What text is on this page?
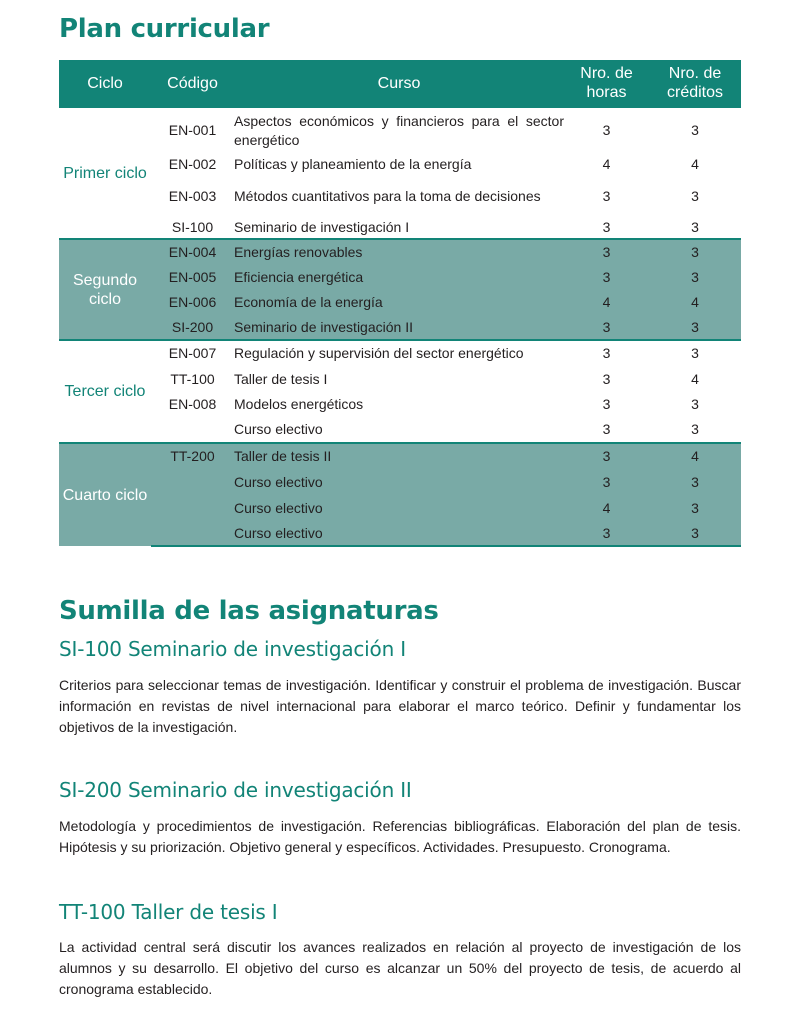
Plan curricular
Ciclo	Código	Curso	Nro. de horas	Nro. de créditos
Primer ciclo	EN-001	Aspectos económicos y financieros para el sector energético	3	3
	EN-002	Políticas y planeamiento de la energía	4	4
	EN-003	Métodos cuantitativos para la toma de decisiones	3	3
	SI-100	Seminario de investigación I	3	3
Segundo ciclo	EN-004	Energías renovables	3	3
	EN-005	Eficiencia energética	3	3
	EN-006	Economía de la energía	4	4
	SI-200	Seminario de investigación II	3	3
Tercer ciclo	EN-007	Regulación y supervisión del sector energético	3	3
	TT-100	Taller de tesis I	3	4
	EN-008	Modelos energéticos	3	3
		Curso electivo	3	3
Cuarto ciclo	TT-200	Taller de tesis II	3	4
		Curso electivo	3	3
		Curso electivo	4	3
		Curso electivo	3	3
Sumilla de las asignaturas
SI-100 Seminario de investigación I

Criterios para seleccionar temas de investigación. Identificar y construir el problema de investigación. Buscar información en revistas de nivel internacional para elaborar el marco teórico. Definir y fundamentar los objetivos de la investigación.

SI-200 Seminario de investigación II

Metodología y procedimientos de investigación. Referencias bibliográficas. Elaboración del plan de tesis. Hipótesis y su priorización. Objetivo general y específicos. Actividades. Presupuesto. Cronograma.

TT-100 Taller de tesis I

La actividad central será discutir los avances realizados en relación al proyecto de investigación de los alumnos y su desarrollo. El objetivo del curso es alcanzar un 50% del proyecto de tesis, de acuerdo al cronograma establecido.
